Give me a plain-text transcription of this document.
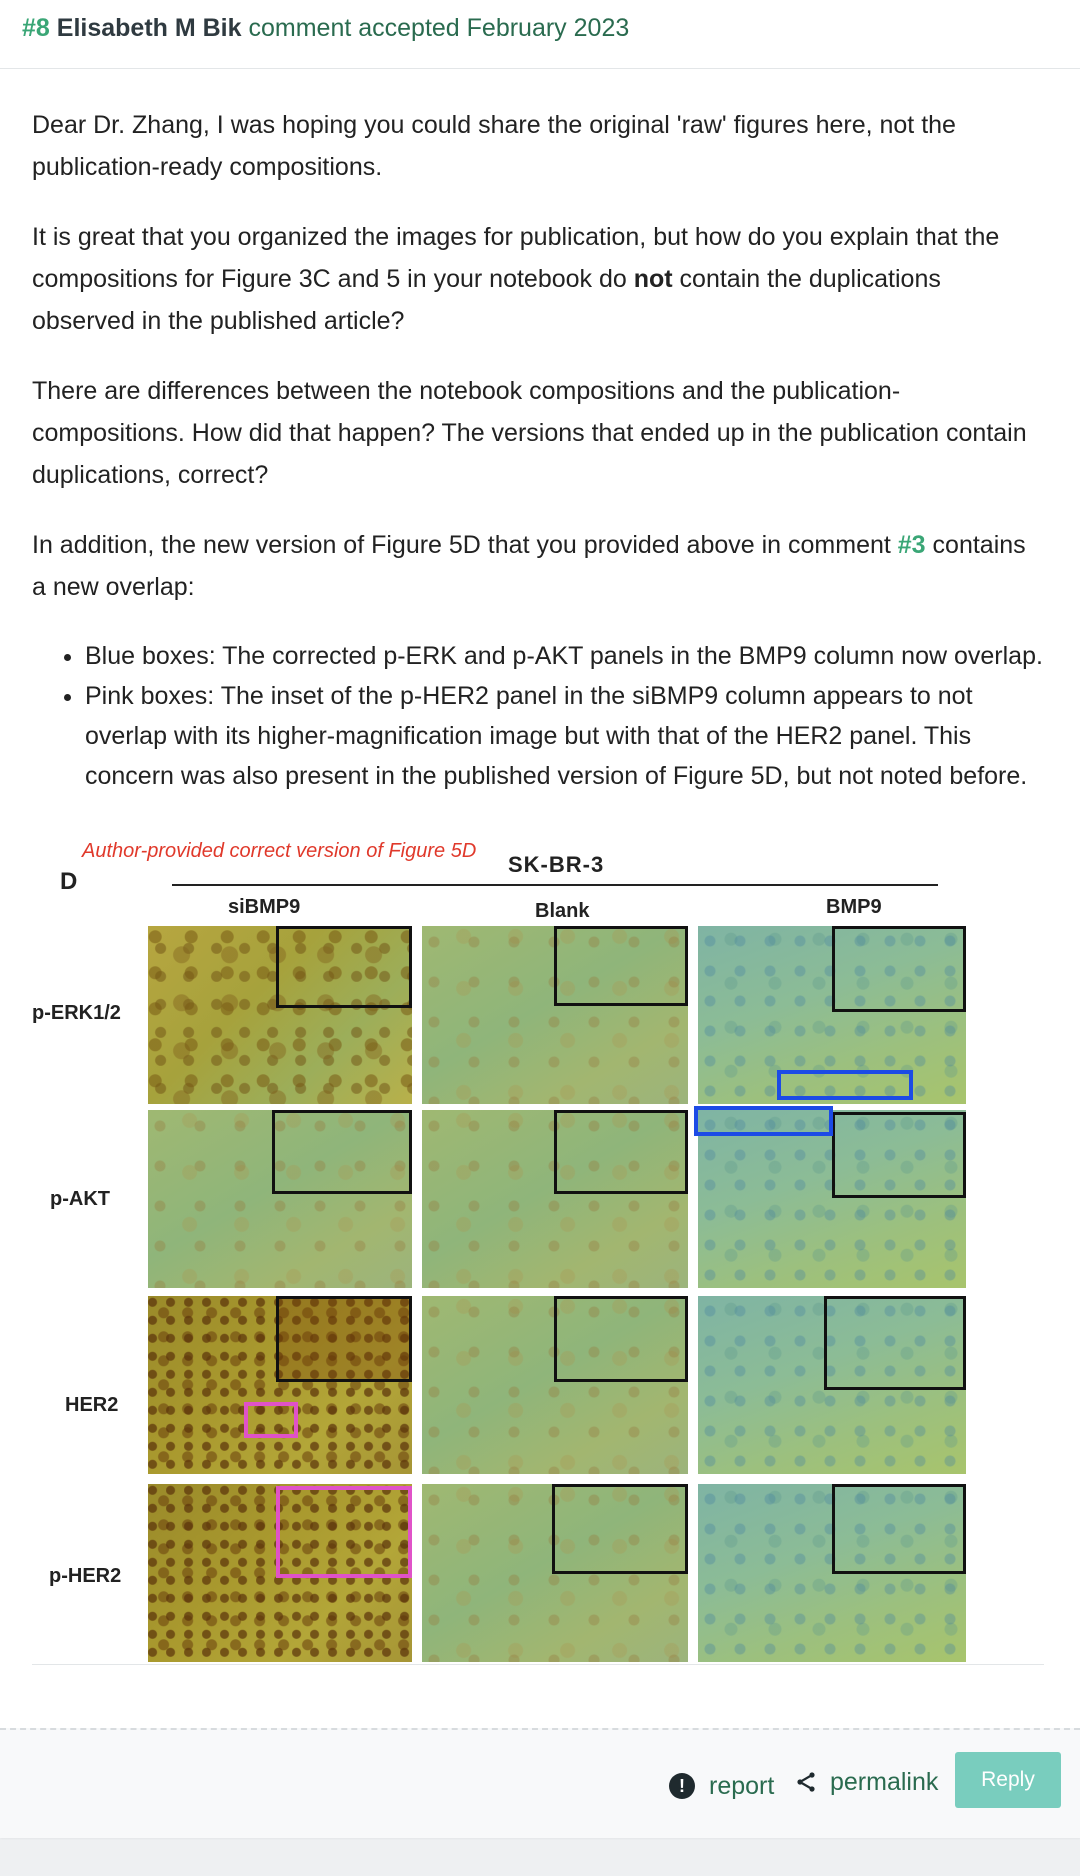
#8 Elisabeth M Bik comment accepted February 2023

Dear Dr. Zhang, I was hoping you could share the original 'raw' figures here, not the publication-ready compositions.

It is great that you organized the images for publication, but how do you explain that the compositions for Figure 3C and 5 in your notebook do not contain the duplications observed in the published article?

There are differences between the notebook compositions and the publication-compositions. How did that happen? The versions that ended up in the publication contain duplications, correct?

In addition, the new version of Figure 5D that you provided above in comment #3 contains a new overlap:

• Blue boxes: The corrected p-ERK and p-AKT panels in the BMP9 column now overlap.
• Pink boxes: The inset of the p-HER2 panel in the siBMP9 column appears to not overlap with its higher-magnification image but with that of the HER2 panel. This concern was also present in the published version of Figure 5D, but not noted before.
Author-provided correct version of Figure 5D
D
SK-BR-3
siBMP9	Blank	BMP9
p-ERK1/2
p-AKT
HER2
p-HER2
! report permalink	Reply
